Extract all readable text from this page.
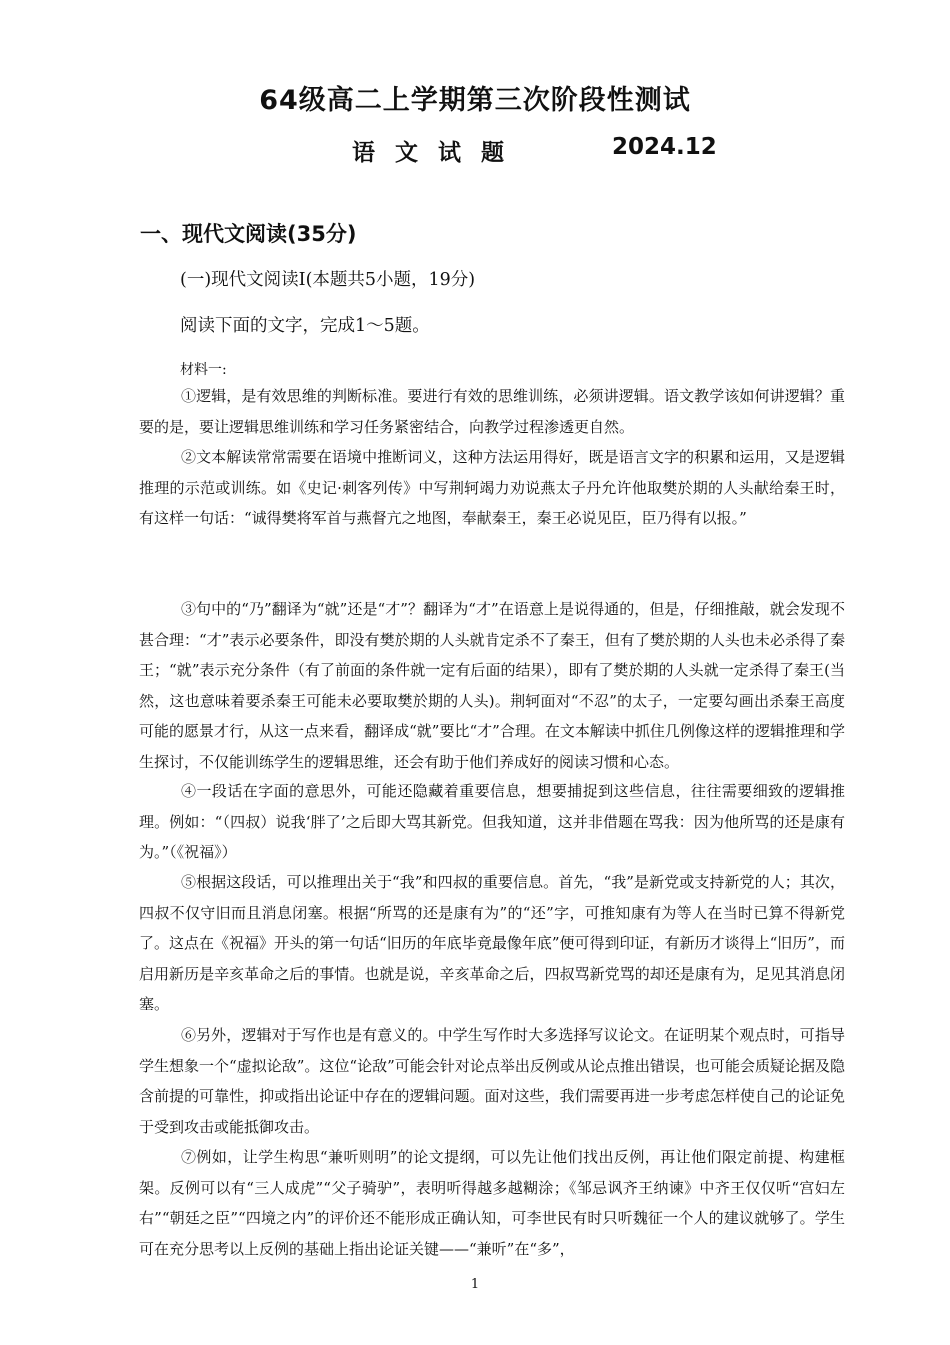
64级高二上学期第三次阶段性测试
语文试题	2024.12
一、现代文阅读(35分)
(一)现代文阅读Ⅰ(本题共5小题，19分)
阅读下面的文字，完成1～5题。
材料一:

①逻辑，是有效思维的判断标准。要进行有效的思维训练，必须讲逻辑。语文教学该如何讲逻辑？重要的是，要让逻辑思维训练和学习任务紧密结合，向教学过程渗透更自然。

②文本解读常常需要在语境中推断词义，这种方法运用得好，既是语言文字的积累和运用，又是逻辑推理的示范或训练。如《史记·刺客列传》中写荆轲竭力劝说燕太子丹允许他取樊於期的人头献给秦王时，有这样一句话：“诚得樊将军首与燕督亢之地图，奉献秦王，秦王必说见臣，臣乃得有以报。”

③句中的“乃”翻译为“就”还是“才”？翻译为“才”在语意上是说得通的，但是，仔细推敲，就会发现不甚合理：“才”表示必要条件，即没有樊於期的人头就肯定杀不了秦王，但有了樊於期的人头也未必杀得了秦王；“就”表示充分条件（有了前面的条件就一定有后面的结果），即有了樊於期的人头就一定杀得了秦王(当然，这也意味着要杀秦王可能未必要取樊於期的人头)。荆轲面对“不忍”的太子，一定要勾画出杀秦王高度可能的愿景才行，从这一点来看，翻译成“就”要比“才”合理。在文本解读中抓住几例像这样的逻辑推理和学生探讨，不仅能训练学生的逻辑思维，还会有助于他们养成好的阅读习惯和心态。

④一段话在字面的意思外，可能还隐藏着重要信息，想要捕捉到这些信息，往往需要细致的逻辑推理。例如：“（四叔）说我‘胖了’之后即大骂其新党。但我知道，这并非借题在骂我：因为他所骂的还是康有为。”（《祝福》）

⑤根据这段话，可以推理出关于“我”和四叔的重要信息。首先，“我”是新党或支持新党的人；其次，四叔不仅守旧而且消息闭塞。根据“所骂的还是康有为”的“还”字，可推知康有为等人在当时已算不得新党了。这点在《祝福》开头的第一句话“旧历的年底毕竟最像年底”便可得到印证，有新历才谈得上“旧历”，而启用新历是辛亥革命之后的事情。也就是说，辛亥革命之后，四叔骂新党骂的却还是康有为，足见其消息闭塞。

⑥另外，逻辑对于写作也是有意义的。中学生写作时大多选择写议论文。在证明某个观点时，可指导学生想象一个“虚拟论敌”。这位“论敌”可能会针对论点举出反例或从论点推出错误，也可能会质疑论据及隐含前提的可靠性，抑或指出论证中存在的逻辑问题。面对这些，我们需要再进一步考虑怎样使自己的论证免于受到攻击或能抵御攻击。

⑦例如，让学生构思“兼听则明”的论文提纲，可以先让他们找出反例，再让他们限定前提、构建框架。反例可以有“三人成虎”“父子骑驴”，表明听得越多越糊涂；《邹忌讽齐王纳谏》中齐王仅仅听“宫妇左右”“朝廷之臣”“四境之内”的评价还不能形成正确认知，可李世民有时只听魏征一个人的建议就够了。学生可在充分思考以上反例的基础上指出论证关键——“兼听”在“多”，

1
